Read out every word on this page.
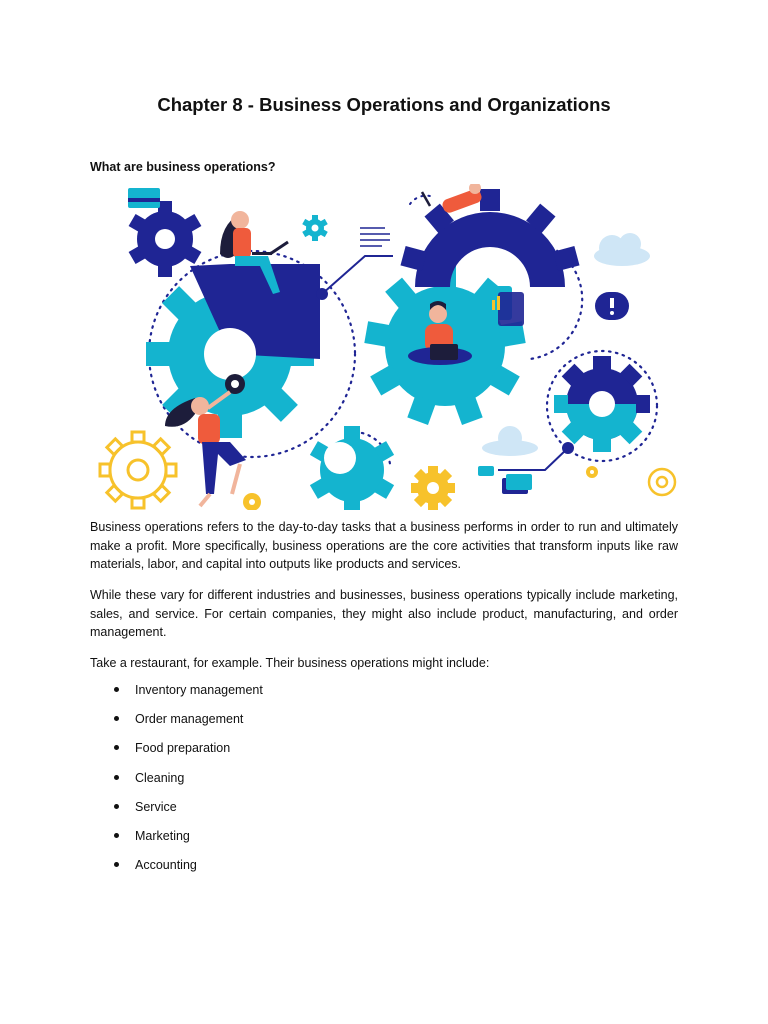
Chapter 8 - Business Operations and Organizations
What are business operations?

Business operations refers to the day-to-day tasks that a business performs in order to run and ultimately make a profit. More specifically, business operations are the core activities that transform inputs like raw materials, labor, and capital into outputs like products and services.

While these vary for different industries and businesses, business operations typically include marketing, sales, and service. For certain companies, they might also include product, manufacturing, and order management.

Take a restaurant, for example. Their business operations might include:

Inventory management
Order management
Food preparation
Cleaning
Service
Marketing
Accounting
